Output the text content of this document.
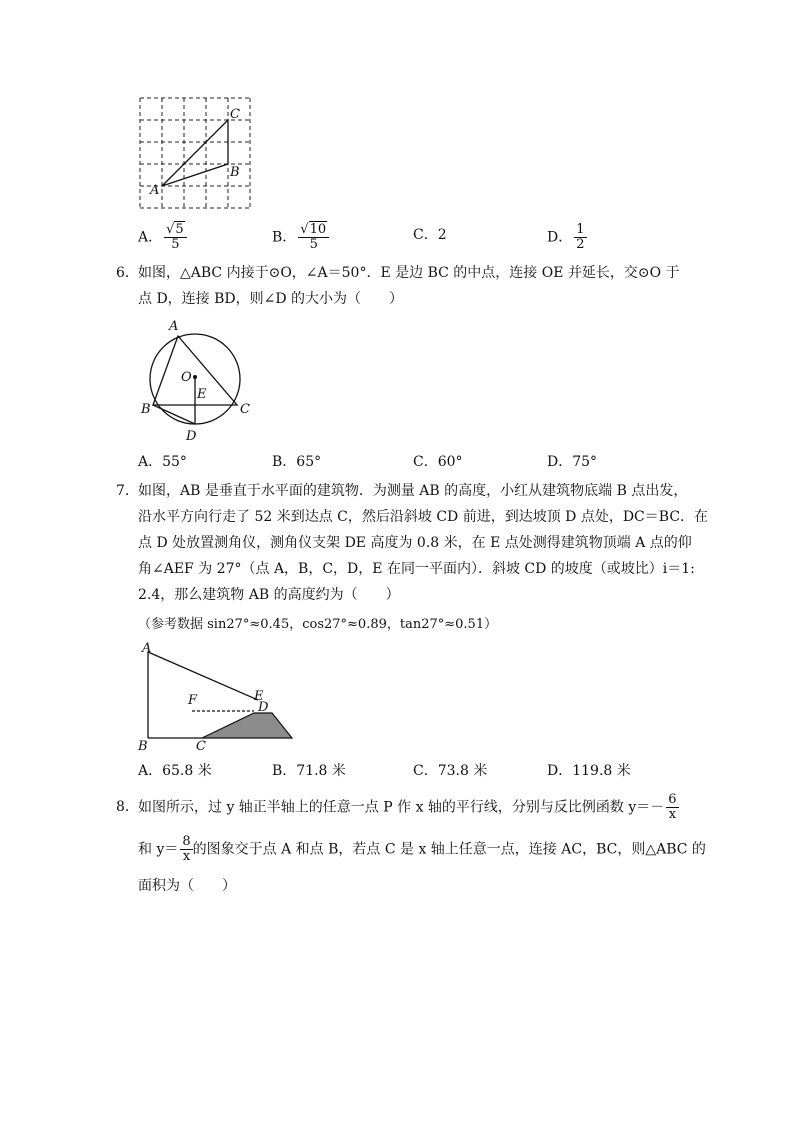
C
B
A
A． $\frac{√5}{5}$	B． $\frac{√10}{5}$	C．2	D． $\frac{1}{2}$
6． 如图，△ABC 内接于⊙O，∠A＝50°．E 是边 BC 的中点，连接 OE 并延长，交⊙O 于
点 D，连接 BD，则∠D 的大小为（　　）
A
O
E
B	C
D
A．55°	B．65°	C．60°	D．75°
7． 如图，AB 是垂直于水平面的建筑物．为测量 AB 的高度，小红从建筑物底端 B 点出发，
沿水平方向行走了 52 米到达点 C，然后沿斜坡 CD 前进，到达坡顶 D 点处，DC＝BC．在
点 D 处放置测角仪，测角仪支架 DE 高度为 0.8 米，在 E 点处测得建筑物顶端 A 点的仰
角∠AEF 为 27°（点 A，B，C，D，E 在同一平面内）．斜坡 CD 的坡度（或坡比）i＝1:
2.4，那么建筑物 AB 的高度约为（　　）
（参考数据 sin27°≈0.45，cos27°≈0.89，tan27°≈0.51）
A
F	E
D
B	C
A．65.8 米	B．71.8 米	C．73.8 米	D．119.8 米
8． 如图所示，过 y 轴正半轴上的任意一点 P 作 x 轴的平行线，分别与反比例函数 $y=- \frac{6}{x}$
和 $y= \frac{8}{x}$ 的图象交于点 A 和点 B，若点 C 是 x 轴上任意一点，连接 AC，BC，则△ABC 的
面积为（　　）
